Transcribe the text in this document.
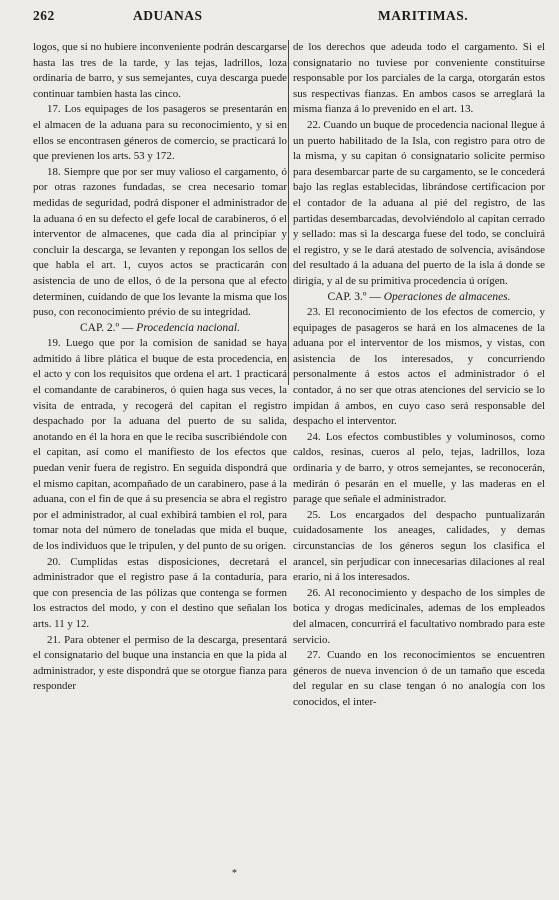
262	ADUANAS	MARITIMAS.

logos, que si no hubiere inconveniente podrán descargarse hasta las tres de la tarde, y las tejas, ladrillos, loza ordinaria de barro, y sus semejantes, cuya descarga puede continuar tambien hasta las cinco.

17. Los equipages de los pasageros se presentarán en el almacen de la aduana para su reconocimiento, y si en ellos se encontrasen géneros de comercio, se practicará lo que previenen los arts. 53 y 172.

18. Siempre que por ser muy valioso el cargamento, ó por otras razones fundadas, se crea necesario tomar medidas de seguridad, podrá disponer el administrador de la aduana ó en su defecto el gefe local de carabineros, ó el interventor de almacenes, que cada dia al principiar y concluir la descarga, se levanten y repongan los sellos de que habla el art. 1, cuyos actos se practicarán con asistencia de uno de ellos, ó de la persona que al efecto determinen, cuidando de que los levante la misma que los puso, con reconocimiento prévio de su integridad.

CAP. 2.º — Procedencia nacional.

19. Luego que por la comision de sanidad se haya admitido á libre plática el buque de esta procedencia, en el acto y con los requisitos que ordena el art. 1 practicará el comandante de carabineros, ó quien haga sus veces, la visita de entrada, y recogerá del capitan el registro despachado por la aduana del puerto de su salida, anotando en él la hora en que le reciba suscribiéndole con el capitan, así como el manifiesto de los efectos que puedan venir fuera de registro. En seguida dispondrá que el mismo capitan, acompañado de un carabinero, pase á la aduana, con el fin de que á su presencia se abra el registro por el administrador, al cual exhibirá tambien el rol, para tomar nota del número de toneladas que mida el buque, de los individuos que le tripulen, y del punto de su origen.

20. Cumplidas estas disposiciones, decretará el administrador que el registro pase á la contaduría, para que con presencia de las pólizas que contenga se formen los estractos del modo, y con el destino que señalan los arts. 11 y 12.

21. Para obtener el permiso de la descarga, presentará el consignatario del buque una instancia en que la pida al administrador, y este dispondrá que se otorgue fianza para responder

de los derechos que adeuda todo el cargamento. Si el consignatario no tuviese por conveniente constituirse responsable por los parciales de la carga, otorgarán estos sus respectivas fianzas. En ambos casos se arreglará la misma fianza á lo prevenido en el art. 13.

22. Cuando un buque de procedencia nacional llegue á un puerto habilitado de la Isla, con registro para otro de la misma, y su capitan ó consignatario solicite permiso para desembarcar parte de su cargamento, se le concederá bajo las reglas establecidas, librándose certificacion por el contador de la aduana al pié del registro, de las partidas desembarcadas, devolviéndolo al capitan cerrado y sellado: mas si la descarga fuese del todo, se concluirá el registro, y se le dará atestado de solvencia, avisándose del resultado á la aduana del puerto de la isla á donde se dirigía, y al de su primitiva procedencia ú orígen.

CAP. 3.º — Operaciones de almacenes.

23. El reconocimiento de los efectos de comercio, y equipages de pasageros se hará en los almacenes de la aduana por el interventor de los mismos, y vistas, con asistencia de los interesados, y concurriendo personalmente á estos actos el administrador ó el contador, á no ser que otras atenciones del servicio se lo impidan á ambos, en cuyo caso será responsable del despacho el interventor.

24. Los efectos combustibles y voluminosos, como caldos, resinas, cueros al pelo, tejas, ladrillos, loza ordinaria y de barro, y otros semejantes, se reconocerán, medirán ó pesarán en el muelle, y las maderas en el parage que señale el administrador.

25. Los encargados del despacho puntualizarán cuidadosamente los aneages, calidades, y demas circunstancias de los géneros segun los clasifica el arancel, sin perjudicar con innecesarias dilaciones al real erario, ni á los interesados.

26. Al reconocimiento y despacho de los simples de botica y drogas medicinales, ademas de los empleados del almacen, concurrirá el facultativo nombrado para este servicio.

27. Cuando en los reconocimientos se encuentren géneros de nueva invencion ó de un tamaño que esceda del regular en su clase tengan ó no analogía con los conocidos, el inter-

*
